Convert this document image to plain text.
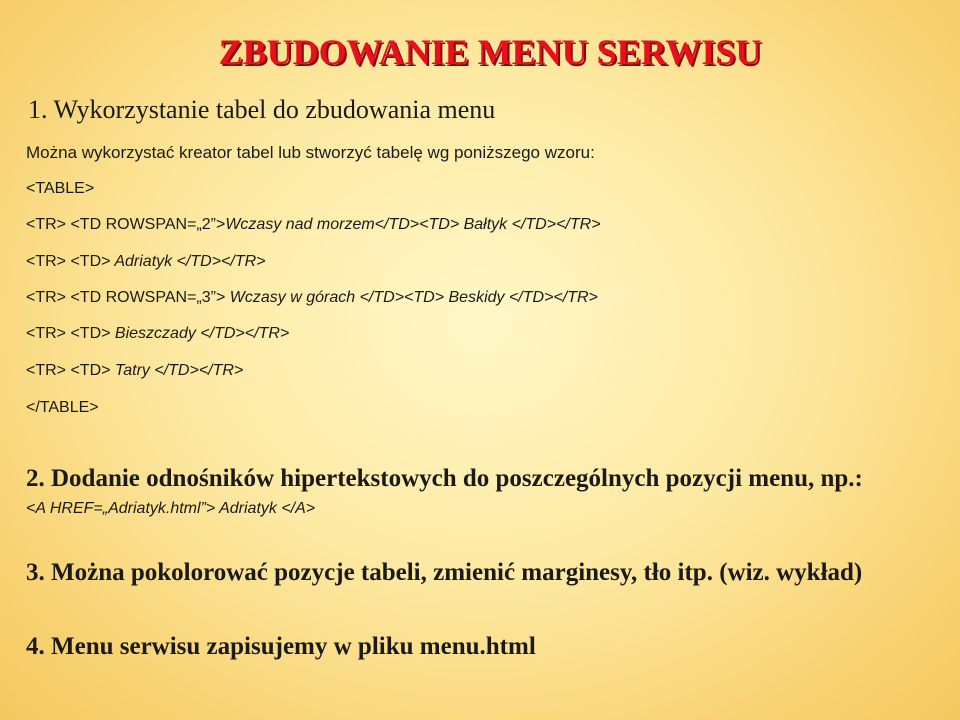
ZBUDOWANIE MENU SERWISU

1. Wykorzystanie tabel do zbudowania menu

Można wykorzystać kreator tabel lub stworzyć tabelę wg poniższego wzoru:

<TABLE>

<TR> <TD ROWSPAN=„2”>Wczasy nad morzem</TD><TD> Bałtyk </TD></TR>

<TR> <TD> Adriatyk </TD></TR>

<TR> <TD ROWSPAN=„3”> Wczasy w górach </TD><TD> Beskidy </TD></TR>

<TR> <TD> Bieszczady </TD></TR>

<TR> <TD> Tatry </TD></TR>

</TABLE>

2. Dodanie odnośników hipertekstowych do poszczególnych pozycji menu, np.:

<A HREF=„Adriatyk.html”> Adriatyk </A>

3. Można pokolorować pozycje tabeli, zmienić marginesy, tło itp. (wiz. wykład)

4. Menu serwisu zapisujemy w pliku menu.html
